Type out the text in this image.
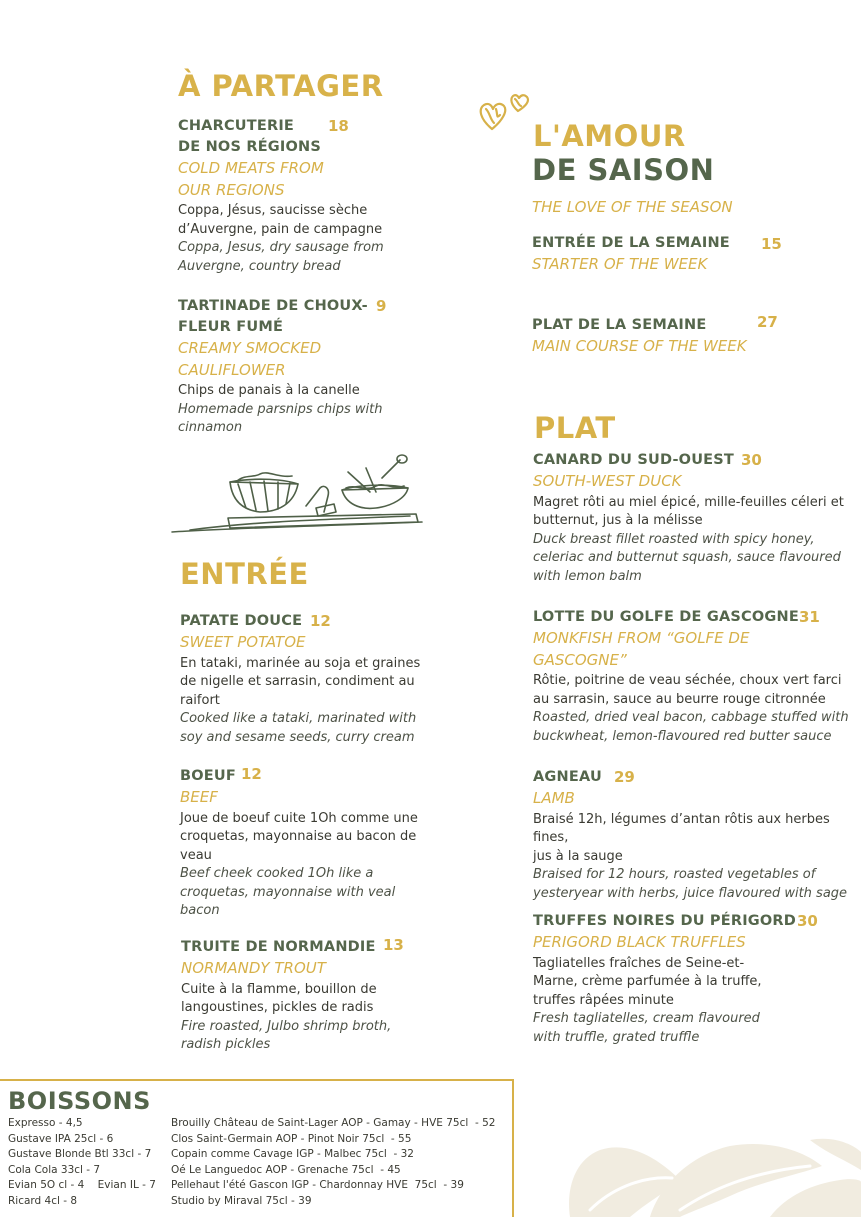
À PARTAGER
CHARCUTERIE
DE NOS RÉGIONS
18
COLD MEATS FROM
OUR REGIONS
Coppa, Jésus, saucisse sèche
d’Auvergne, pain de campagne
Coppa, Jesus, dry sausage from
Auvergne, country bread
TARTINADE DE CHOUX-
FLEUR FUMÉ
9
CREAMY SMOCKED
CAULIFLOWER
Chips de panais à la canelle
Homemade parsnips chips with
cinnamon
ENTRÉE
PATATE DOUCE 12
SWEET POTATOE
En tataki, marinée au soja et graines
de nigelle et sarrasin, condiment au
raifort
Cooked like a tataki, marinated with
soy and sesame seeds, curry cream
BOEUF 12
BEEF
Joue de boeuf cuite 1Oh comme une
croquetas, mayonnaise au bacon de
veau
Beef cheek cooked 1Oh like a
croquetas, mayonnaise with veal
bacon
TRUITE DE NORMANDIE 13
NORMANDY TROUT
Cuite à la flamme, bouillon de
langoustines, pickles de radis
Fire roasted, Julbo shrimp broth,
radish pickles
L'AMOUR
DE SAISON
THE LOVE OF THE SEASON
ENTRÉE DE LA SEMAINE	15
STARTER OF THE WEEK
PLAT DE LA SEMAINE	27
MAIN COURSE OF THE WEEK
PLAT
CANARD DU SUD-OUEST 30
SOUTH-WEST DUCK
Magret rôti au miel épicé, mille-feuilles céleri et
butternut, jus à la mélisse
Duck breast fillet roasted with spicy honey,
celeriac and butternut squash, sauce flavoured
with lemon balm
LOTTE DU GOLFE DE GASCOGNE 31
MONKFISH FROM “GOLFE DE
GASCOGNE”
Rôtie, poitrine de veau séchée, choux vert farci
au sarrasin, sauce au beurre rouge citronnée
Roasted, dried veal bacon, cabbage stuffed with
buckwheat, lemon-flavoured red butter sauce
AGNEAU 29
LAMB
Braisé 12h, légumes d’antan rôtis aux herbes fines,
jus à la sauge
Braised for 12 hours, roasted vegetables of
yesteryear with herbs, juice flavoured with sage
TRUFFES NOIRES DU PÉRIGORD 30
PERIGORD BLACK TRUFFLES
Tagliatelles fraîches de Seine-et-
Marne, crème parfumée à la truffe,
truffes râpées minute
Fresh tagliatelles, cream flavoured
with truffle, grated truffle
BOISSONS
Expresso - 4,5
Gustave IPA 25cl - 6
Gustave Blonde Btl 33cl - 7
Cola Cola 33cl - 7
Evian 5O cl - 4    Evian IL - 7
Ricard 4cl - 8
Brouilly Château de Saint-Lager AOP - Gamay - HVE 75cl  - 52
Clos Saint-Germain AOP - Pinot Noir 75cl  - 55
Copain comme Cavage IGP - Malbec 75cl  - 32
Oé Le Languedoc AOP - Grenache 75cl  - 45
Pellehaut l'été Gascon IGP - Chardonnay HVE  75cl  - 39
Studio by Miraval 75cl - 39
